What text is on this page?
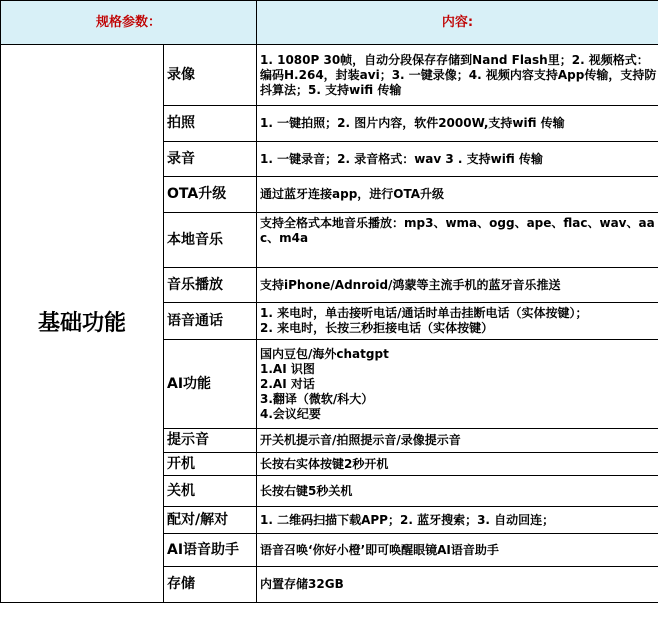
规格参数：		内容:
基础功能	录像	1. 1080P 30帧，自动分段保存存储到Nand Flash里；2. 视频格式：编码H.264，封装avi；3. 一键录像；4. 视频内容支持App传输，支持防抖算法；5. 支持wifi 传输
	拍照	1. 一键拍照；2. 图片内容，软件2000W,支持wifi 传输
	录音	1. 一键录音；2. 录音格式：wav 3 . 支持wifi 传输
	OTA升级	通过蓝牙连接app，进行OTA升级
	本地音乐	支持全格式本地音乐播放：mp3、wma、ogg、ape、flac、wav、aac、m4a
	音乐播放	支持iPhone/Adnroid/鸿蒙等主流手机的蓝牙音乐推送
	语音通话	1. 来电时，单击接听电话/通话时单击挂断电话（实体按键）；
2. 来电时，长按三秒拒接电话（实体按键）
	AI功能	国内豆包/海外chatgpt
1.AI 识图
2.AI 对话
3.翻译（微软/科大）
4.会议纪要
	提示音	开关机提示音/拍照提示音/录像提示音
	开机	长按右实体按键2秒开机
	关机	长按右键5秒关机
	配对/解对	1. 二维码扫描下载APP；2. 蓝牙搜索；3. 自动回连；
	AI语音助手	语音召唤‘你好小橙’即可唤醒眼镜AI语音助手
	存储	内置存储32GB
